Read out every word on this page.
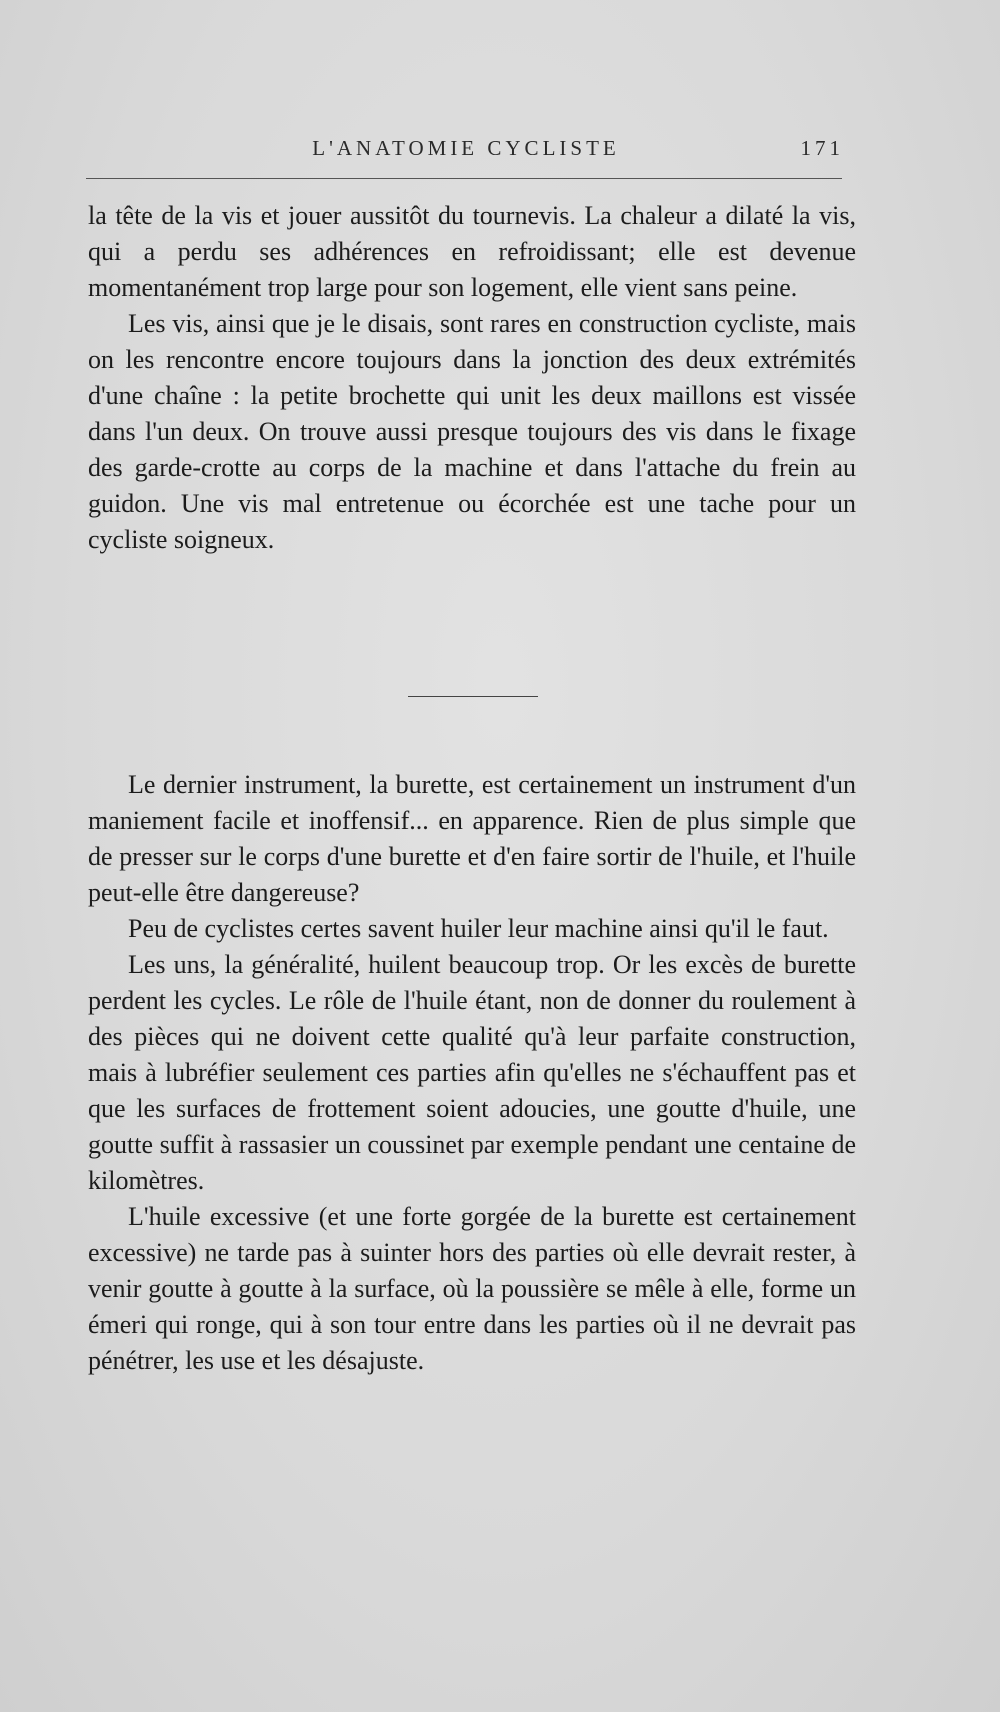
L'ANATOMIE CYCLISTE	171

la tête de la vis et jouer aussitôt du tournevis. La chaleur a dilaté la vis, qui a perdu ses adhérences en refroidissant; elle est devenue momentanément trop large pour son logement, elle vient sans peine.

Les vis, ainsi que je le disais, sont rares en construction cycliste, mais on les rencontre encore toujours dans la jonction des deux extrémités d'une chaîne : la petite brochette qui unit les deux maillons est vissée dans l'un deux. On trouve aussi presque toujours des vis dans le fixage des garde-crotte au corps de la machine et dans l'attache du frein au guidon. Une vis mal entretenue ou écorchée est une tache pour un cycliste soigneux.

Le dernier instrument, la burette, est certainement un instrument d'un maniement facile et inoffensif... en apparence. Rien de plus simple que de presser sur le corps d'une burette et d'en faire sortir de l'huile, et l'huile peut-elle être dangereuse?

Peu de cyclistes certes savent huiler leur machine ainsi qu'il le faut.

Les uns, la généralité, huilent beaucoup trop. Or les excès de burette perdent les cycles. Le rôle de l'huile étant, non de donner du roulement à des pièces qui ne doivent cette qualité qu'à leur parfaite construction, mais à lubréfier seulement ces parties afin qu'elles ne s'échauffent pas et que les surfaces de frottement soient adoucies, une goutte d'huile, une goutte suffit à rassasier un coussinet par exemple pendant une centaine de kilomètres.

L'huile excessive (et une forte gorgée de la burette est certainement excessive) ne tarde pas à suinter hors des parties où elle devrait rester, à venir goutte à goutte à la surface, où la poussière se mêle à elle, forme un émeri qui ronge, qui à son tour entre dans les parties où il ne devrait pas pénétrer, les use et les désajuste.
